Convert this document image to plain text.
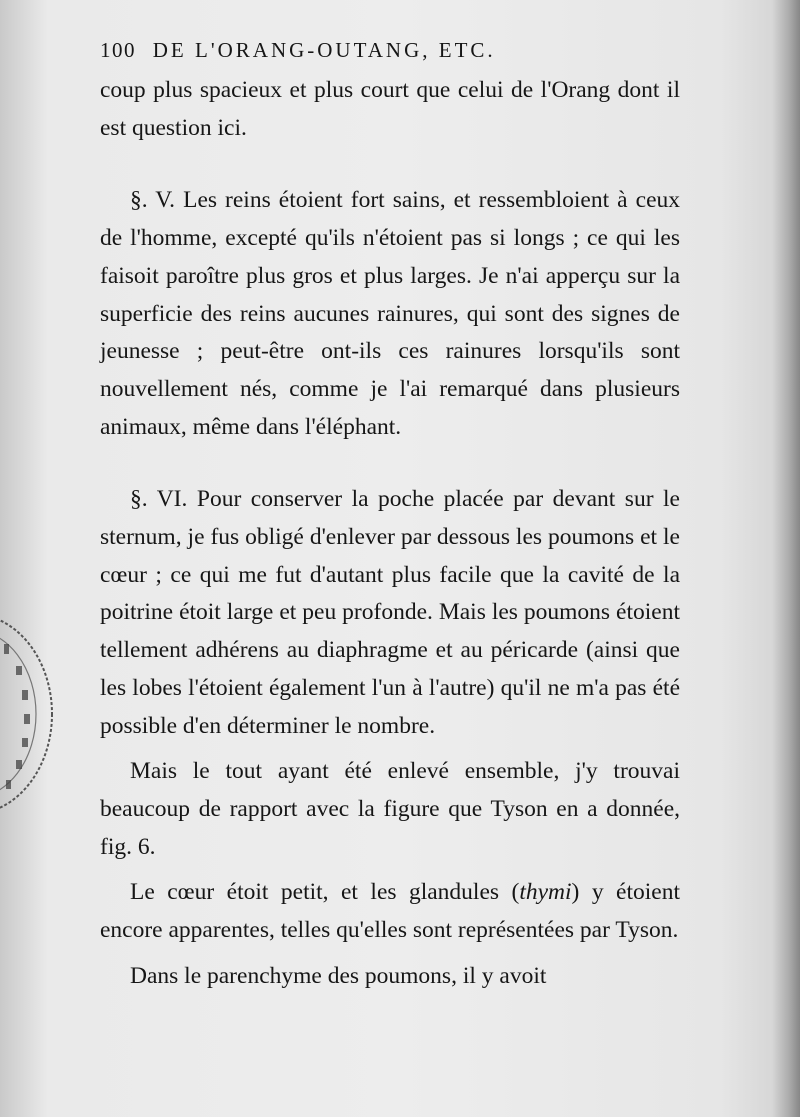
100 DE L'ORANG-OUTANG, ETC.

coup plus spacieux et plus court que celui de l'Orang dont il est question ici.

§. V. Les reins étoient fort sains, et ressembloient à ceux de l'homme, excepté qu'ils n'étoient pas si longs ; ce qui les faisoit paroître plus gros et plus larges. Je n'ai apperçu sur la superficie des reins aucunes rainures, qui sont des signes de jeunesse ; peut-être ont-ils ces rainures lorsqu'ils sont nouvellement nés, comme je l'ai remarqué dans plusieurs animaux, même dans l'éléphant.

§. VI. Pour conserver la poche placée par devant sur le sternum, je fus obligé d'enlever par dessous les poumons et le cœur ; ce qui me fut d'autant plus facile que la cavité de la poitrine étoit large et peu profonde. Mais les poumons étoient tellement adhérens au diaphragme et au péricarde (ainsi que les lobes l'étoient également l'un à l'autre) qu'il ne m'a pas été possible d'en déterminer le nombre.

Mais le tout ayant été enlevé ensemble, j'y trouvai beaucoup de rapport avec la figure que Tyson en a donnée, fig. 6.

Le cœur étoit petit, et les glandules (thymi) y étoient encore apparentes, telles qu'elles sont représentées par Tyson.

Dans le parenchyme des poumons, il y avoit
